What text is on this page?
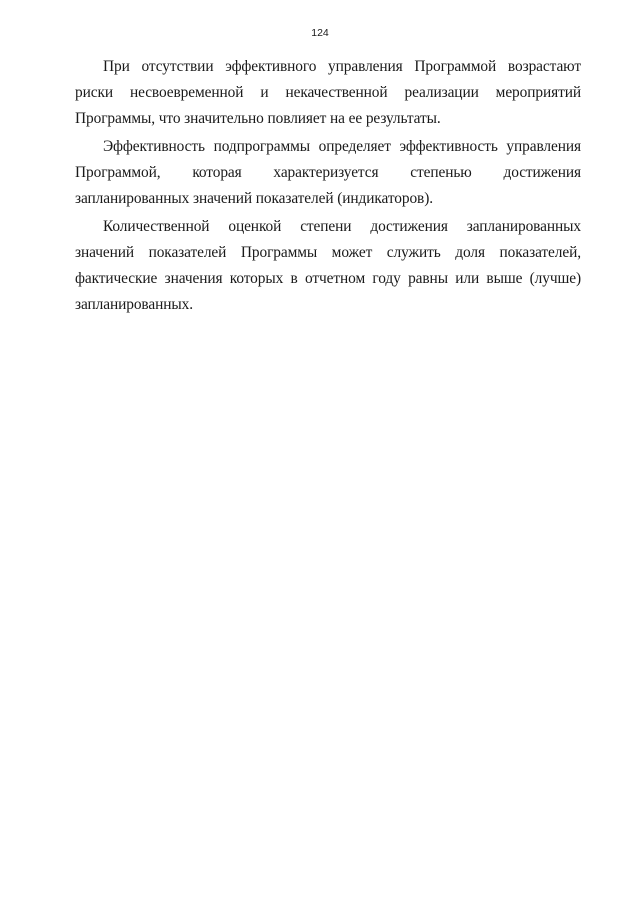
124

При отсутствии эффективного управления Программой возрастают риски несвоевременной и некачественной реализации мероприятий Программы, что значительно повлияет на ее результаты.

Эффективность подпрограммы определяет эффективность управления Программой, которая характеризуется степенью достижения запланированных значений показателей (индикаторов).

Количественной оценкой степени достижения запланированных значений показателей Программы может служить доля показателей, фактические значения которых в отчетном году равны или выше (лучше) запланированных.
